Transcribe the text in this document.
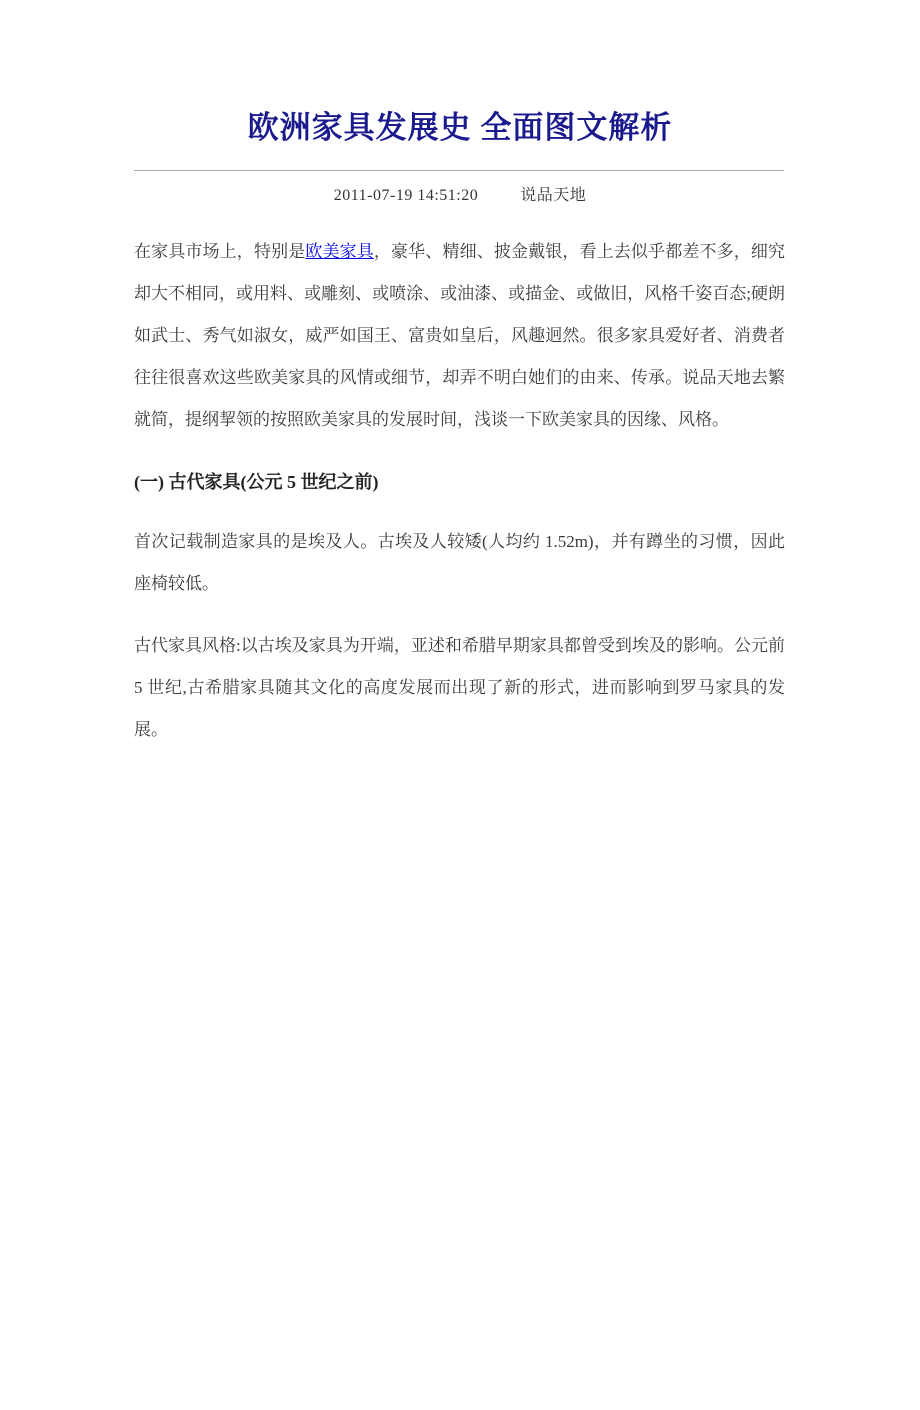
欧洲家具发展史 全面图文解析
2011-07-19 14:51:20	说品天地

在家具市场上，特别是欧美家具，豪华、精细、披金戴银，看上去似乎都差不多，细究却大不相同，或用料、或雕刻、或喷涂、或油漆、或描金、或做旧，风格千姿百态;硬朗如武士、秀气如淑女，威严如国王、富贵如皇后，风趣迥然。很多家具爱好者、消费者往往很喜欢这些欧美家具的风情或细节，却弄不明白她们的由来、传承。说品天地去繁就简，提纲挈领的按照欧美家具的发展时间，浅谈一下欧美家具的因缘、风格。

(一) 古代家具(公元 5 世纪之前)

首次记载制造家具的是埃及人。古埃及人较矮(人均约 1.52m)，并有蹲坐的习惯，因此座椅较低。

古代家具风格:以古埃及家具为开端，亚述和希腊早期家具都曾受到埃及的影响。公元前 5 世纪,古希腊家具随其文化的高度发展而出现了新的形式，进而影响到罗马家具的发展。
